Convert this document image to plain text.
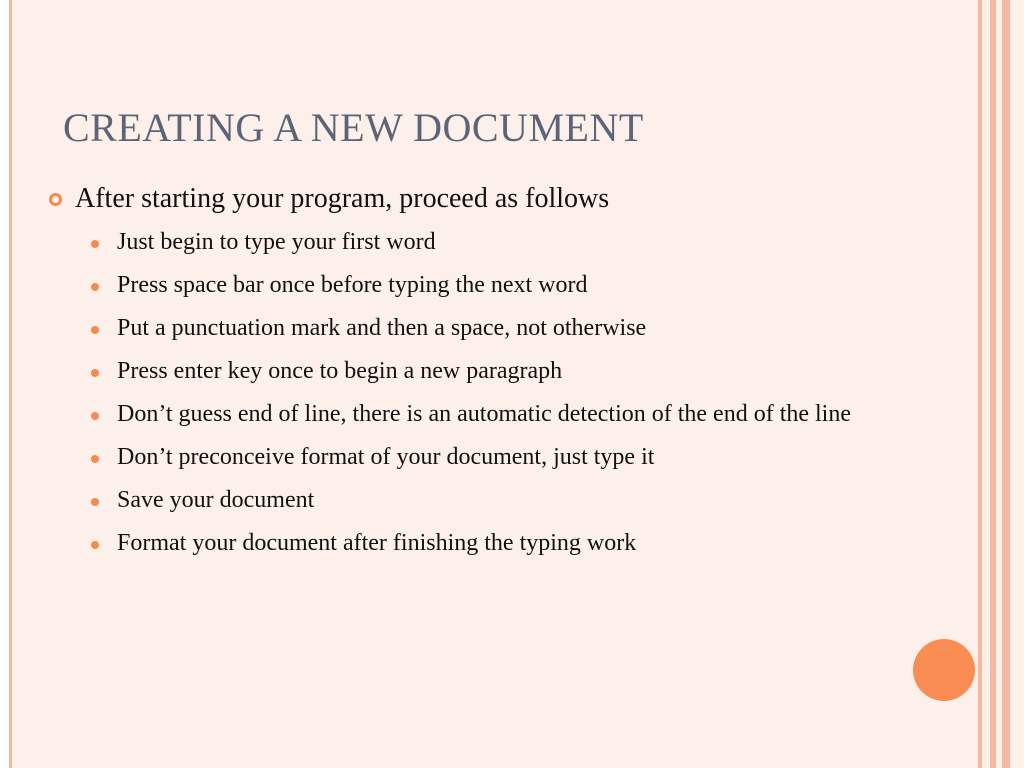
CREATING A NEW DOCUMENT
After starting your program, proceed as follows
Just begin to type your first word
Press space bar once before typing the next word
Put a punctuation mark and then a space, not otherwise
Press enter key once to begin a new paragraph
Don’t guess end of line, there is an automatic detection of the end of the line
Don’t preconceive format of your document, just type it
Save your document
Format your document after finishing the typing work
